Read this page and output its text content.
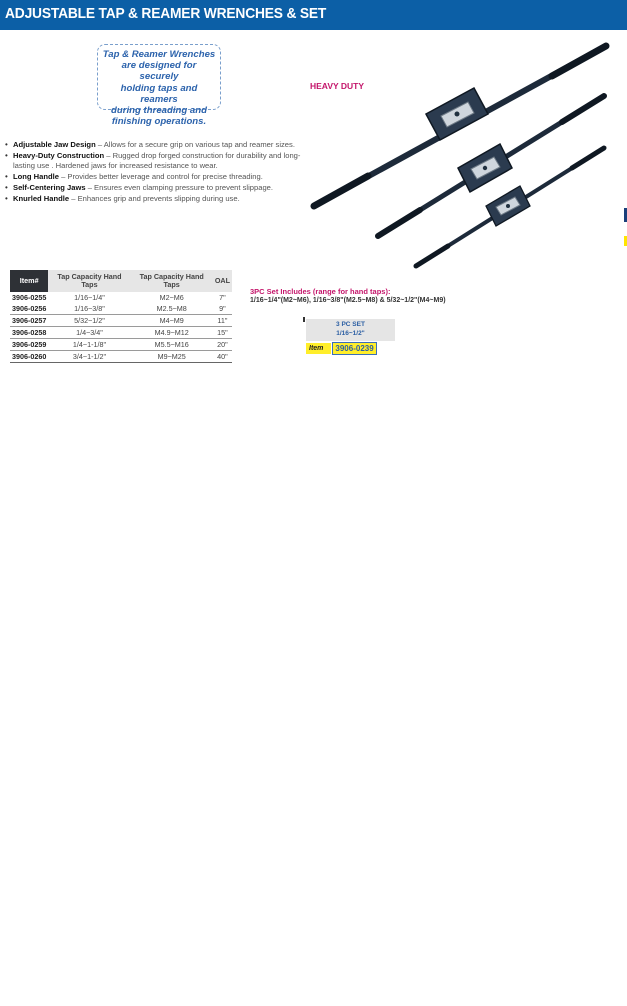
ADJUSTABLE TAP & REAMER WRENCHES & SET
Tap & Reamer Wrenches
are designed for securely
holding taps and reamers
during threading and
finishing operations.
HEAVY DUTY
• Adjustable Jaw Design – Allows for a secure grip on various tap and reamer sizes.
• Heavy-Duty Construction – Rugged drop forged construction for durability and long-lasting use . Hardened jaws for increased resistance to wear.
• Long Handle – Provides better leverage and control for precise threading.
• Self-Centering Jaws – Ensures even clamping pressure to prevent slippage.
• Knurled Handle – Enhances grip and prevents slipping during use.
Item#	Tap Capacity Hand Taps	Tap Capacity Hand Taps	OAL
3906-0255	1/16~1/4"	M2~M6	7"
3906-0256	1/16~3/8"	M2.5~M8	9"
3906-0257	5/32~1/2"	M4~M9	11"
3906-0258	1/4~3/4"	M4.9~M12	15"
3906-0259	1/4~1-1/8"	M5.5~M16	20"
3906-0260	3/4~1-1/2"	M9~M25	40"
3PC Set Includes (range for hand taps):
1/16~1/4"(M2~M6), 1/16~3/8"(M2.5~M8) & 5/32~1/2"(M4~M9)
3 PC SET
1/16~1/2"
Item	3906-0239
